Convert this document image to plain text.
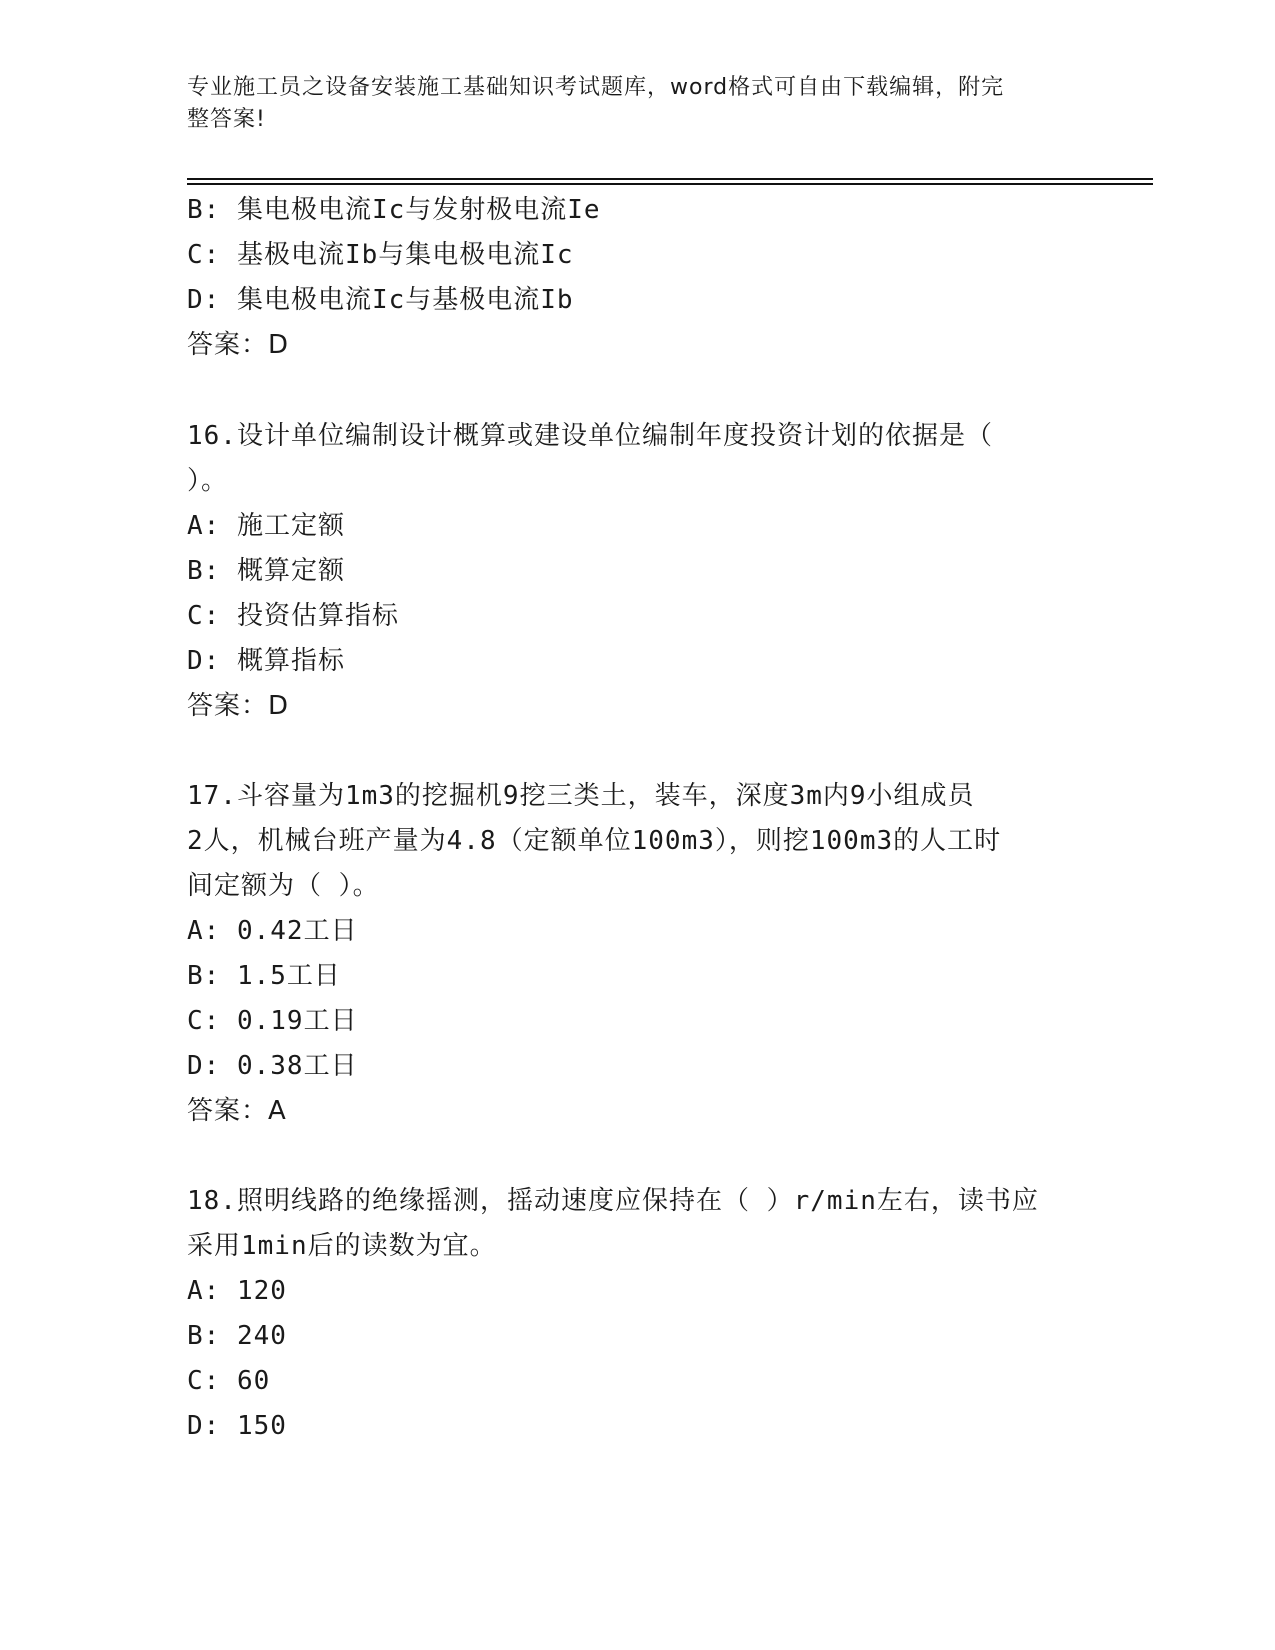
专业施工员之设备安装施工基础知识考试题库，word格式可自由下载编辑，附完
整答案!
B: 集电极电流Ic与发射极电流Ie
C: 基极电流Ib与集电极电流Ic
D: 集电极电流Ic与基极电流Ib
答案：D
16.设计单位编制设计概算或建设单位编制年度投资计划的依据是（
）。
A: 施工定额
B: 概算定额
C: 投资估算指标
D: 概算指标
答案：D
17.斗容量为1m3的挖掘机9挖三类土，装车，深度3m内9小组成员
2人，机械台班产量为4.8（定额单位100m3），则挖100m3的人工时
间定额为（ ）。
A: 0.42工日
B: 1.5工日
C: 0.19工日
D: 0.38工日
答案：A
18.照明线路的绝缘摇测，摇动速度应保持在（ ）r/min左右，读书应
采用1min后的读数为宜。
A: 120
B: 240
C: 60
D: 150
